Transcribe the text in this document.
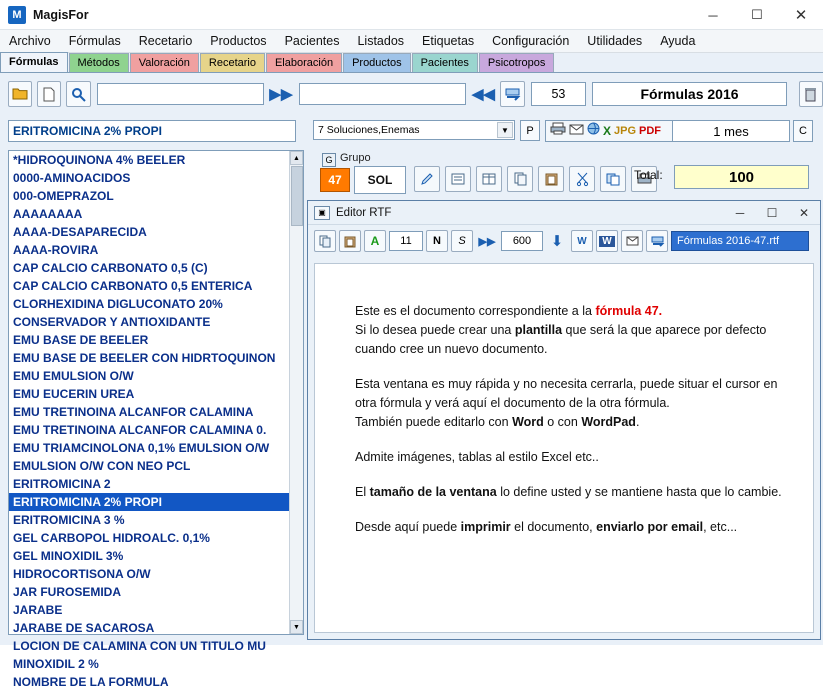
M MagisFor	─	☐	✕
Archivo	Fórmulas	Recetario	Productos	Pacientes	Listados	Etiquetas	Configuración	Utilidades	Ayuda
Fórmulas	Métodos	Valoración	Recetario	Elaboración	Productos	Pacientes	Psicotropos
▶▶	◀◀	53	Fórmulas 2016
ERITROMICINA 2% PROPI	7 Soluciones,Enemas	▼	P	X JPG PDF	1 mes	C
*HIDROQUINONA 4% BEELER
0000-AMINOACIDOS
000-OMEPRAZOL
AAAAAAAA
AAAA-DESAPARECIDA
AAAA-ROVIRA
CAP CALCIO CARBONATO 0,5 (C)
CAP CALCIO CARBONATO 0,5 ENTERICA
CLORHEXIDINA DIGLUCONATO 20%
CONSERVADOR Y ANTIOXIDANTE
EMU BASE DE BEELER
EMU BASE DE BEELER CON HIDRTOQUINON
EMU EMULSION O/W
EMU EUCERIN UREA
EMU TRETINOINA ALCANFOR CALAMINA
EMU TRETINOINA ALCANFOR CALAMINA 0.
EMU TRIAMCINOLONA 0,1% EMULSION O/W
EMULSION O/W CON NEO PCL
ERITROMICINA 2
ERITROMICINA 2% PROPI
ERITROMICINA 3 %
GEL CARBOPOL HIDROALC. 0,1%
GEL MINOXIDIL 3%
HIDROCORTISONA O/W
JAR FUROSEMIDA
JARABE
JARABE DE SACAROSA
LOCION DE CALAMINA CON UN TITULO MU
MINOXIDIL 2 %
NOMBRE DE LA FORMULA
▲
▼
G Grupo
47	SOL	Total:	100
▣ Editor RTF	─	☐	✕
A	11	N	S	▶▶	600	⬇	W	W	Fórmulas 2016-47.rtf

Este es el documento correspondiente a la fórmula 47.
Si lo desea puede crear una plantilla que será la que aparece por defecto cuando cree un nuevo documento.

Esta ventana es muy rápida y no necesita cerrarla, puede situar el cursor en otra fórmula y verá aquí el documento de la otra fórmula.
También puede editarlo con Word o con WordPad.

Admite imágenes, tablas al estilo Excel etc..

El tamaño de la ventana lo define usted y se mantiene hasta que lo cambie.

Desde aquí puede imprimir el documento, enviarlo por email, etc...
